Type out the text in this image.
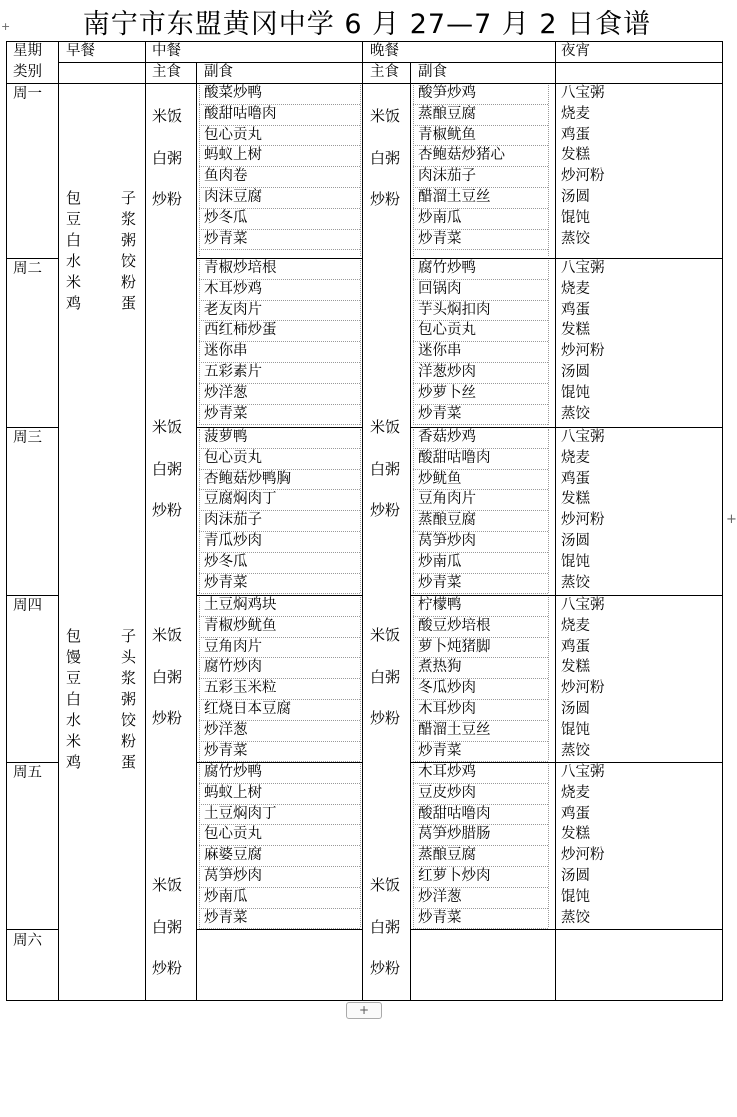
南宁市东盟黄冈中学 6 月 27—7 月 2 日食谱
星期
类别
早餐	中餐
主食 副食
晚餐
主食 副食
夜宵
周一
周二
周三
周四
周五
周六
包
豆
白
水
米
鸡
子
浆
粥
饺
粉
蛋
包
馒
豆
白
水
米
鸡
子
头
浆
粥
饺
粉
蛋
米饭
白粥
炒粉
米饭
白粥
炒粉
米饭
白粥
炒粉
米饭
白粥
炒粉
米饭
白粥
炒粉
米饭
白粥
炒粉
米饭
白粥
炒粉
米饭
白粥
炒粉
酸菜炒鸭
酸甜咕噜肉
包心贡丸
蚂蚁上树
鱼肉卷
肉沫豆腐
炒冬瓜
炒青菜
青椒炒培根
木耳炒鸡
老友肉片
西红柿炒蛋
迷你串
五彩素片
炒洋葱
炒青菜
菠萝鸭
包心贡丸
杏鲍菇炒鸭胸
豆腐焖肉丁
肉沫茄子
青瓜炒肉
炒冬瓜
炒青菜
土豆焖鸡块
青椒炒鱿鱼
豆角肉片
腐竹炒肉
五彩玉米粒
红烧日本豆腐
炒洋葱
炒青菜
腐竹炒鸭
蚂蚁上树
土豆焖肉丁
包心贡丸
麻婆豆腐
莴笋炒肉
炒南瓜
炒青菜
酸笋炒鸡
蒸酿豆腐
青椒鱿鱼
杏鲍菇炒猪心
肉沫茄子
醋溜土豆丝
炒南瓜
炒青菜
腐竹炒鸭
回锅肉
芋头焖扣肉
包心贡丸
迷你串
洋葱炒肉
炒萝卜丝
炒青菜
香菇炒鸡
酸甜咕噜肉
炒鱿鱼
豆角肉片
蒸酿豆腐
莴笋炒肉
炒南瓜
炒青菜
柠檬鸭
酸豆炒培根
萝卜炖猪脚
煮热狗
冬瓜炒肉
木耳炒肉
醋溜土豆丝
炒青菜
木耳炒鸡
豆皮炒肉
酸甜咕噜肉
莴笋炒腊肠
蒸酿豆腐
红萝卜炒肉
炒洋葱
炒青菜
八宝粥
烧麦
鸡蛋
发糕
炒河粉
汤圆
馄饨
蒸饺
八宝粥
烧麦
鸡蛋
发糕
炒河粉
汤圆
馄饨
蒸饺
八宝粥
烧麦
鸡蛋
发糕
炒河粉
汤圆
馄饨
蒸饺
八宝粥
烧麦
鸡蛋
发糕
炒河粉
汤圆
馄饨
蒸饺
八宝粥
烧麦
鸡蛋
发糕
炒河粉
汤圆
馄饨
蒸饺
+
+
+
